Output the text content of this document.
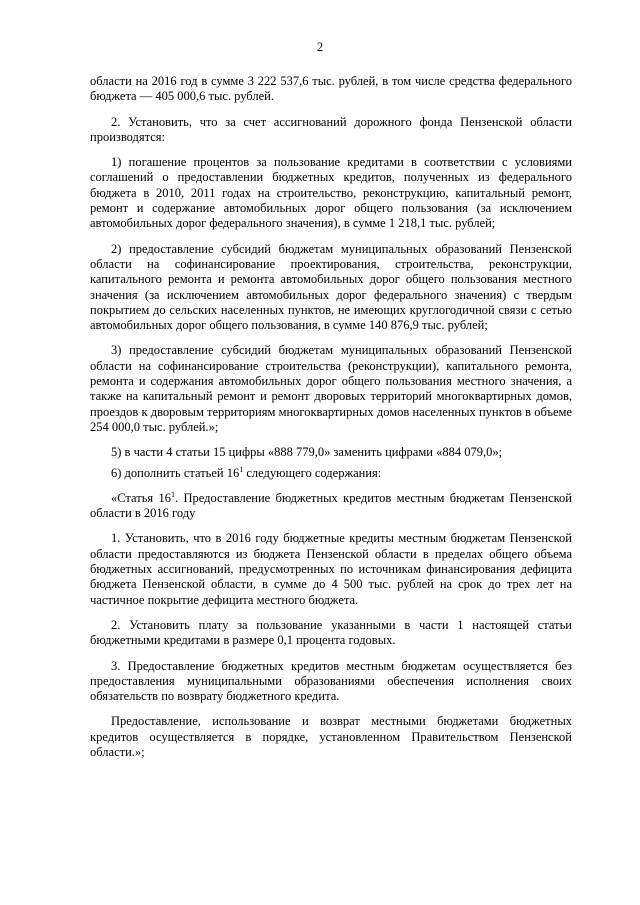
2

области на 2016 год в сумме 3 222 537,6 тыс. рублей, в том числе средства федерального бюджета — 405 000,6 тыс. рублей.

2. Установить, что за счет ассигнований дорожного фонда Пензенской области производятся:

1) погашение процентов за пользование кредитами в соответствии с условиями соглашений о предоставлении бюджетных кредитов, полученных из федерального бюджета в 2010, 2011 годах на строительство, реконструкцию, капитальный ремонт, ремонт и содержание автомобильных дорог общего пользования (за исключением автомобильных дорог федерального значения), в сумме 1 218,1 тыс. рублей;

2) предоставление субсидий бюджетам муниципальных образований Пензенской области на софинансирование проектирования, строительства, реконструкции, капитального ремонта и ремонта автомобильных дорог общего пользования местного значения (за исключением автомобильных дорог федерального значения) с твердым покрытием до сельских населенных пунктов, не имеющих круглогодичной связи с сетью автомобильных дорог общего пользования, в сумме 140 876,9 тыс. рублей;

3) предоставление субсидий бюджетам муниципальных образований Пензенской области на софинансирование строительства (реконструкции), капитального ремонта, ремонта и содержания автомобильных дорог общего пользования местного значения, а также на капитальный ремонт и ремонт дворовых территорий многоквартирных домов, проездов к дворовым территориям многоквартирных домов населенных пунктов в объеме 254 000,0 тыс. рублей.»;

5) в части 4 статьи 15 цифры «888 779,0» заменить цифрами «884 079,0»;

6) дополнить статьей $16^1$ следующего содержания:

«Статья $16^1$. Предоставление бюджетных кредитов местным бюджетам Пензенской области в 2016 году

1. Установить, что в 2016 году бюджетные кредиты местным бюджетам Пензенской области предоставляются из бюджета Пензенской области в пределах общего объема бюджетных ассигнований, предусмотренных по источникам финансирования дефицита бюджета Пензенской области, в сумме до 4 500 тыс. рублей на срок до трех лет на частичное покрытие дефицита местного бюджета.

2. Установить плату за пользование указанными в части 1 настоящей статьи бюджетными кредитами в размере 0,1 процента годовых.

3. Предоставление бюджетных кредитов местным бюджетам осуществляется без предоставления муниципальными образованиями обеспечения исполнения своих обязательств по возврату бюджетного кредита.

Предоставление, использование и возврат местными бюджетами бюджетных кредитов осуществляется в порядке, установленном Правительством Пензенской области.»;
